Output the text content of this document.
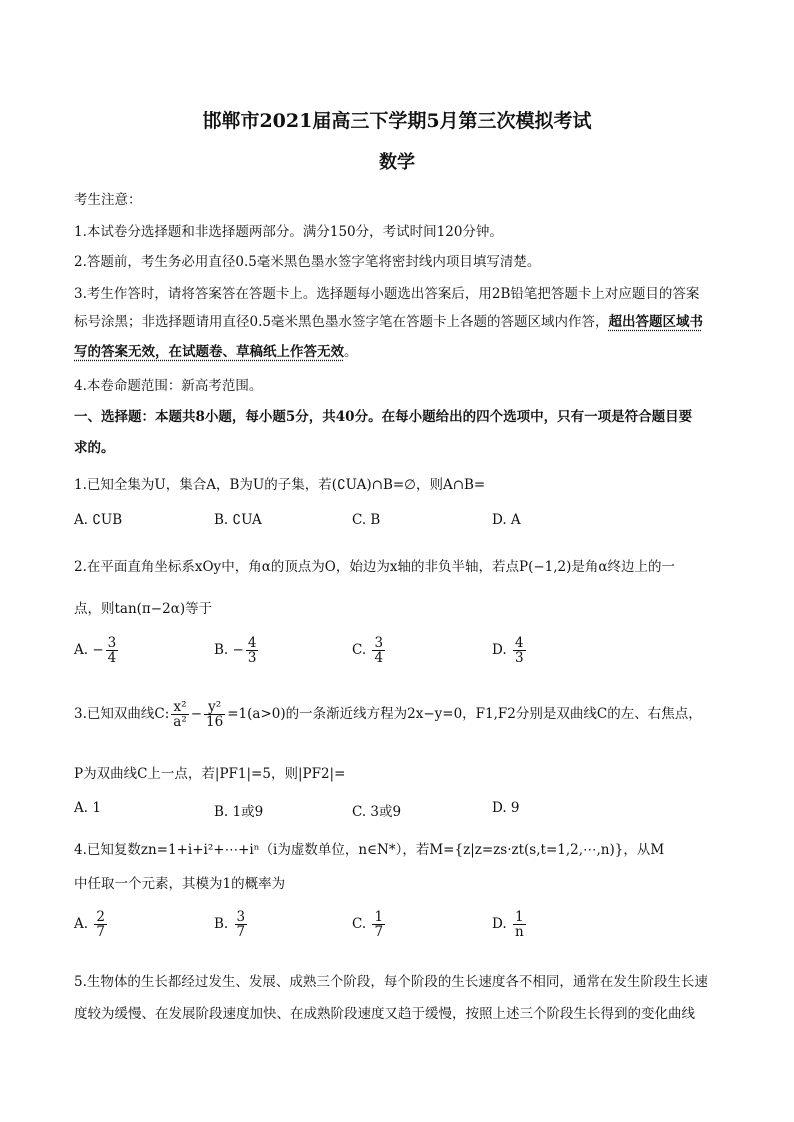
邯郸市2021届高三下学期5月第三次模拟考试
数学
考生注意：
1.本试卷分选择题和非选择题两部分。满分150分，考试时间120分钟。
2.答题前，考生务必用直径0.5毫米黑色墨水签字笔将密封线内项目填写清楚。
3.考生作答时，请将答案答在答题卡上。选择题每小题选出答案后，用2B铅笔把答题卡上对应题目的答案
标号涂黑；非选择题请用直径0.5毫米黑色墨水签字笔在答题卡上各题的答题区域内作答，超出答题区域书
写的答案无效，在试题卷、草稿纸上作答无效。
4.本卷命题范围：新高考范围。
一、选择题：本题共8小题，每小题5分，共40分。在每小题给出的四个选项中，只有一项是符合题目要
求的。
1.已知全集为U，集合A，B为U的子集，若(∁UA)∩B=∅，则A∩B=
A. ∁UB	B. ∁UA	C. B	D. A
2.在平面直角坐标系xOy中，角α的顶点为O，始边为x轴的非负半轴，若点P(−1,2)是角α终边上的一
点，则tan(π−2α)等于
A. − $\frac{3}{4}$	B. − $\frac{4}{3}$	C. $\frac{3}{4}$	D. $\frac{4}{3}$
3.已知双曲线C: $\frac{\text{x²}}{\text{a²}} - \frac{\text{y²}}{16} =1(a>0)$的一条渐近线方程为2x−y=0，F1,F2分别是双曲线C的左、右焦点，
P为双曲线C上一点，若|PF1|=5，则|PF2|=
A. 1	B. 1或9	C. 3或9	D. 9
4.已知复数zn=1+i+i²+⋯+iⁿ（i为虚数单位，n∈N*），若M={z|z=zs·zt(s,t=1,2,⋯,n)}，从M
中任取一个元素，其模为1的概率为
A. $\frac{2}{7}$	B. $\frac{3}{7}$	C. $\frac{1}{7}$	D. $\frac{1}{n}$
5.生物体的生长都经过发生、发展、成熟三个阶段，每个阶段的生长速度各不相同，通常在发生阶段生长速
度较为缓慢、在发展阶段速度加快、在成熟阶段速度又趋于缓慢，按照上述三个阶段生长得到的变化曲线
